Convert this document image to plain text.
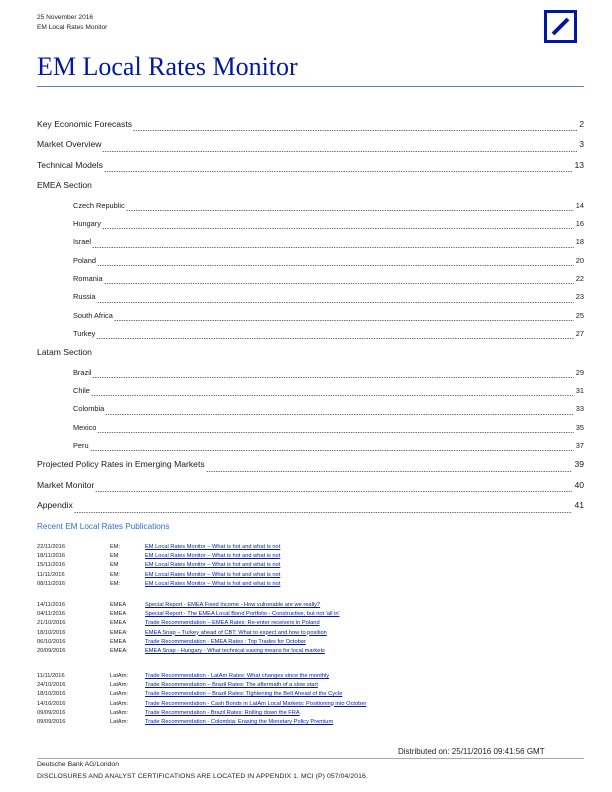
25 November 2016
EM Local Rates Monitor
EM Local Rates Monitor
Key Economic Forecasts	2
Market Overview	3
Technical Models	13
EMEA Section
Czech Republic	14
Hungary	16
Israel	18
Poland	20
Romania	22
Russia	23
South Africa	25
Turkey	27
Latam Section
Brazil	29
Chile	31
Colombia	33
Mexico	35
Peru	37
Projected Policy Rates in Emerging Markets	39
Market Monitor	40
Appendix	41
Recent EM Local Rates Publications
22/11/2016	EM:	EM Local Rates Monitor – What is hot and what is not
18/11/2016	EM	EM Local Rates Monitor – What is hot and what is not
15/11/2016	EM	EM Local Rates Monitor – What is hot and what is not
11/11/2016	EM:	EM Local Rates Monitor – What is hot and what is not
08/11/2016	EM:	EM Local Rates Monitor – What is hot and what is not
14/11/2016	EMEA	Special Report - EMEA Fixed Income - How vulnerable are we really?
04/11/2016	EMEA	Special Report - The EMEA Local Bond Portfolio - Constructive, but not 'all in'
21/10/2016	EMEA	Trade Recommendation – EMEA Rates: Re-enter receivers in Poland
18/10/2016	EMEA:	EMEA Snap – Turkey ahead of CBT: What to expect and how to position
06/10/2016	EMEA	Trade Recommendation - EMEA Rates : Top Trades for October
20/09/2016	EMEA:	EMEA Snap - Hungary - What technical easing means for local markets
11/11/2016	LatAm:	Trade Recommendation - LatAm Rates: What changes since the monthly
24/10/2016	LatAm:	Trade Recommendation – Brazil Rates: The aftermath of a slow start
18/10/2016	LatAm:	Trade Recommendation – Brazil Rates: Tightening the Belt Ahead of the Cycle
14/10/2016	LatAm:	Trade Recommendation - Cash Bonds in LatAm Local Markets: Positioning into October
09/09/2016	LatAm:	Trade Recommendation - Brazil Rates: Rolling down the FRA
09/09/2016	LatAm:	Trade Recommendation - Colombia: Erasing the Monetary Policy Premium
Distributed on: 25/11/2016 09:41:56 GMT
Deutsche Bank AG/London
DISCLOSURES AND ANALYST CERTIFICATIONS ARE LOCATED IN APPENDIX 1. MCI (P) 057/04/2016.
